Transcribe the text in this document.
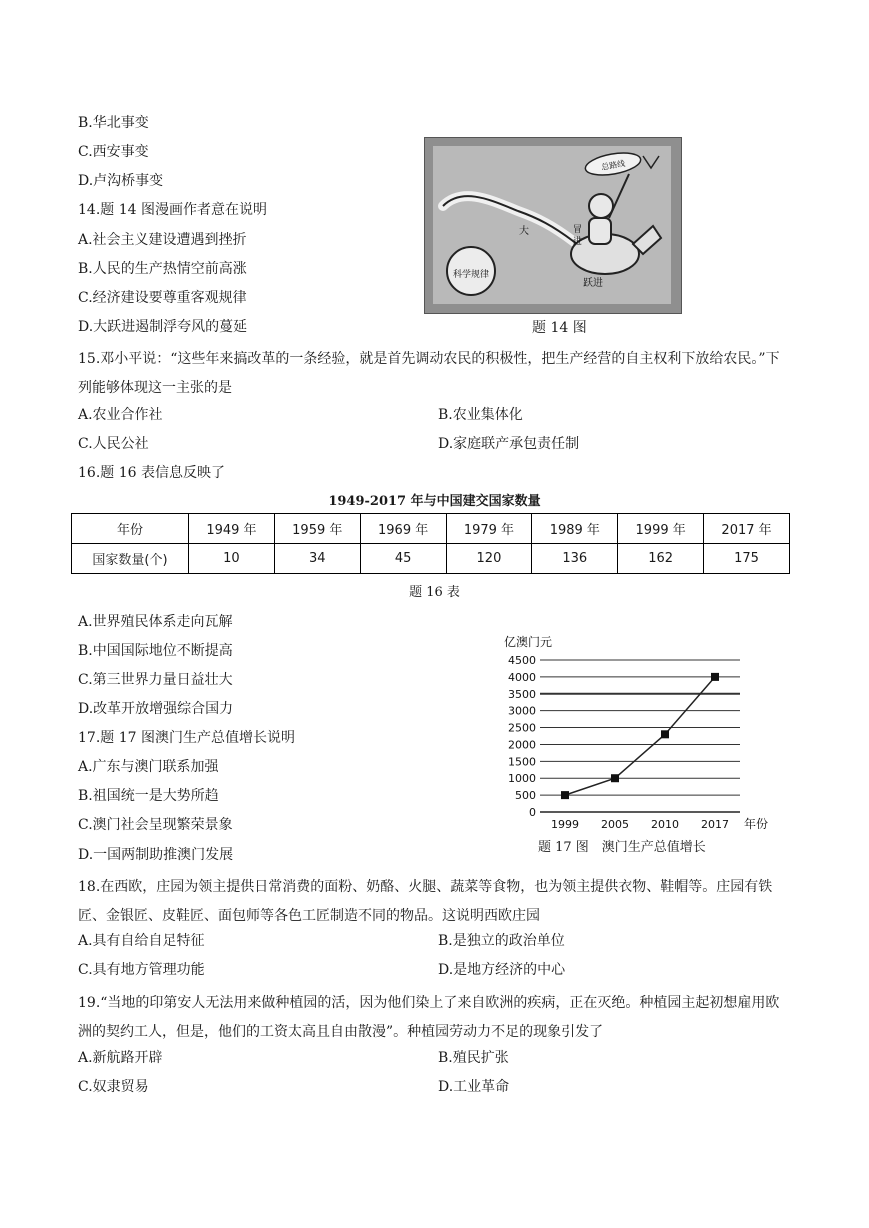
B.华北事变
C.西安事变
D.卢沟桥事变
14.题 14 图漫画作者意在说明
A.社会主义建设遭遇到挫折
B.人民的生产热情空前高涨
C.经济建设要尊重客观规律
D.大跃进遏制浮夸风的蔓延
科学规律
大
跃进
冒
进
总路线
题 14 图
15.邓小平说：“这些年来搞改革的一条经验，就是首先调动农民的积极性，把生产经营的自主权利下放给农民。”下列能够体现这一主张的是
A.农业合作社	B.农业集体化
C.人民公社	D.家庭联产承包责任制
16.题 16 表信息反映了
1949-2017 年与中国建交国家数量
年份	1949 年	1959 年	1969 年	1979 年	1989 年	1999 年	2017 年
国家数量(个)	10	34	45	120	136	162	175
题 16 表
A.世界殖民体系走向瓦解
B.中国国际地位不断提高
C.第三世界力量日益壮大
D.改革开放增强综合国力
17.题 17 图澳门生产总值增长说明
A.广东与澳门联系加强
B.祖国统一是大势所趋
C.澳门社会呈现繁荣景象
D.一国两制助推澳门发展
亿澳门元
0
500
1000
1500
2000
2500
3000
3500
4000
4500
1999 2005 2010 2017 年份
题 17 图　澳门生产总值增长
18.在西欧，庄园为领主提供日常消费的面粉、奶酪、火腿、蔬菜等食物，也为领主提供衣物、鞋帽等。庄园有铁匠、金银匠、皮鞋匠、面包师等各色工匠制造不同的物品。这说明西欧庄园
A.具有自给自足特征	B.是独立的政治单位
C.具有地方管理功能	D.是地方经济的中心
19.“当地的印第安人无法用来做种植园的活，因为他们染上了来自欧洲的疾病，正在灭绝。种植园主起初想雇用欧洲的契约工人，但是，他们的工资太高且自由散漫”。种植园劳动力不足的现象引发了
A.新航路开辟	B.殖民扩张
C.奴隶贸易	D.工业革命
